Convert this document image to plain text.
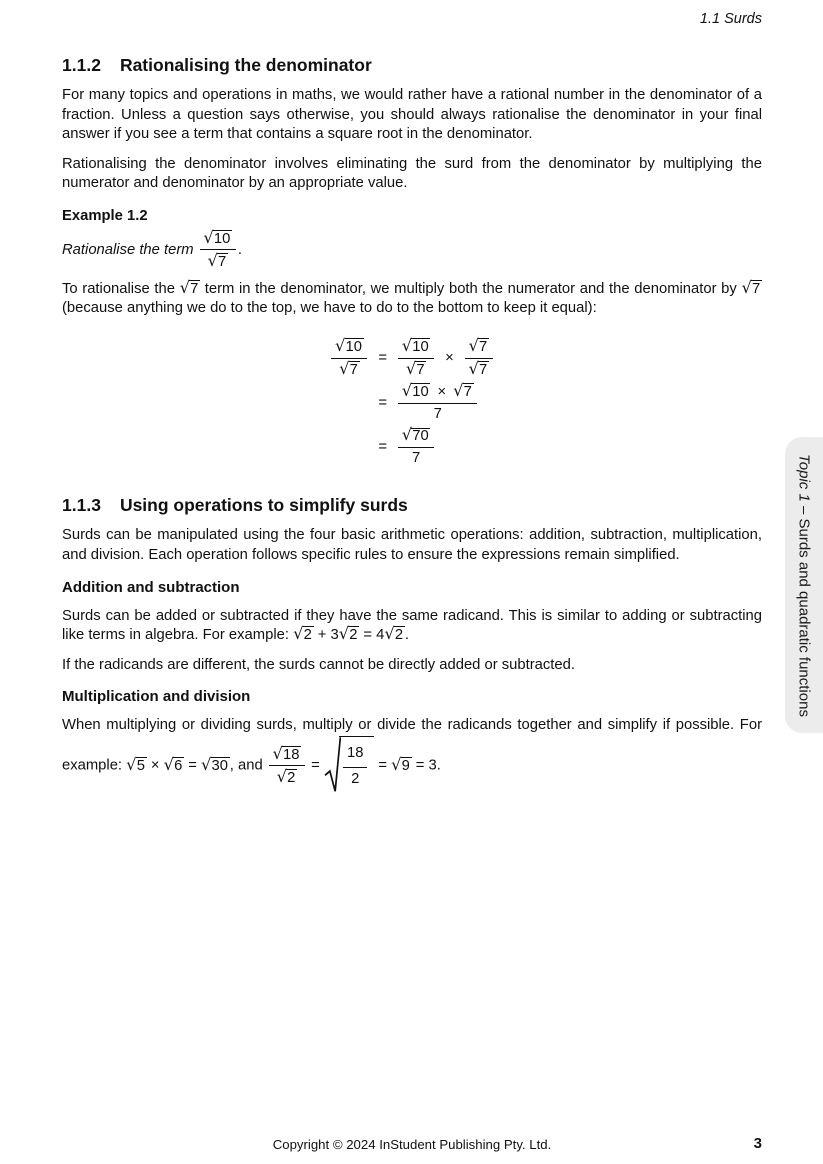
1.1 Surds
1.1.2 Rationalising the denominator

For many topics and operations in maths, we would rather have a rational number in the denominator of a fraction. Unless a question says otherwise, you should always rationalise the denominator in your final answer if you see a term that contains a square root in the denominator.

Rationalising the denominator involves eliminating the surd from the denominator by multiplying the numerator and denominator by an appropriate value.

Example 1.2

Rationalise the term $\frac{√ 10}{√ 7}$ .

To rationalise the √ 7 term in the denominator, we multiply both the numerator and the denominator by √ 7
(because anything we do to the top, we have to do to the bottom to keep it equal):

$\frac{√ 10}{√ 7}$	=	$\frac{√ 10}{√ 7} \times \frac{√ 7}{√ 7}$

	=	$\frac{√ 10 \times √ 7}{7}$

	=	$\frac{√ 70}{7}$
1.1.3 Using operations to simplify surds

Surds can be manipulated using the four basic arithmetic operations: addition, subtraction, multiplication, and division. Each operation follows specific rules to ensure the expressions remain simplified.

Addition and subtraction

Surds can be added or subtracted if they have the same radicand. This is similar to adding or subtracting like terms in algebra. For example: √ 2 + 3 √ 2 = 4 √ 2 .

If the radicands are different, the surds cannot be directly added or subtracted.

Multiplication and division

When multiplying or dividing surds, multiply or divide the radicands together and simplify if possible. For example: √ 5 × √ 6 = √ 30 , and $\frac{√ 18}{√ 2} = \frac{18}{2}$ = √ 9 = 3.

Topic 1 – Surds and quadratic functions
Copyright © 2024 InStudent Publishing Pty. Ltd.	3
